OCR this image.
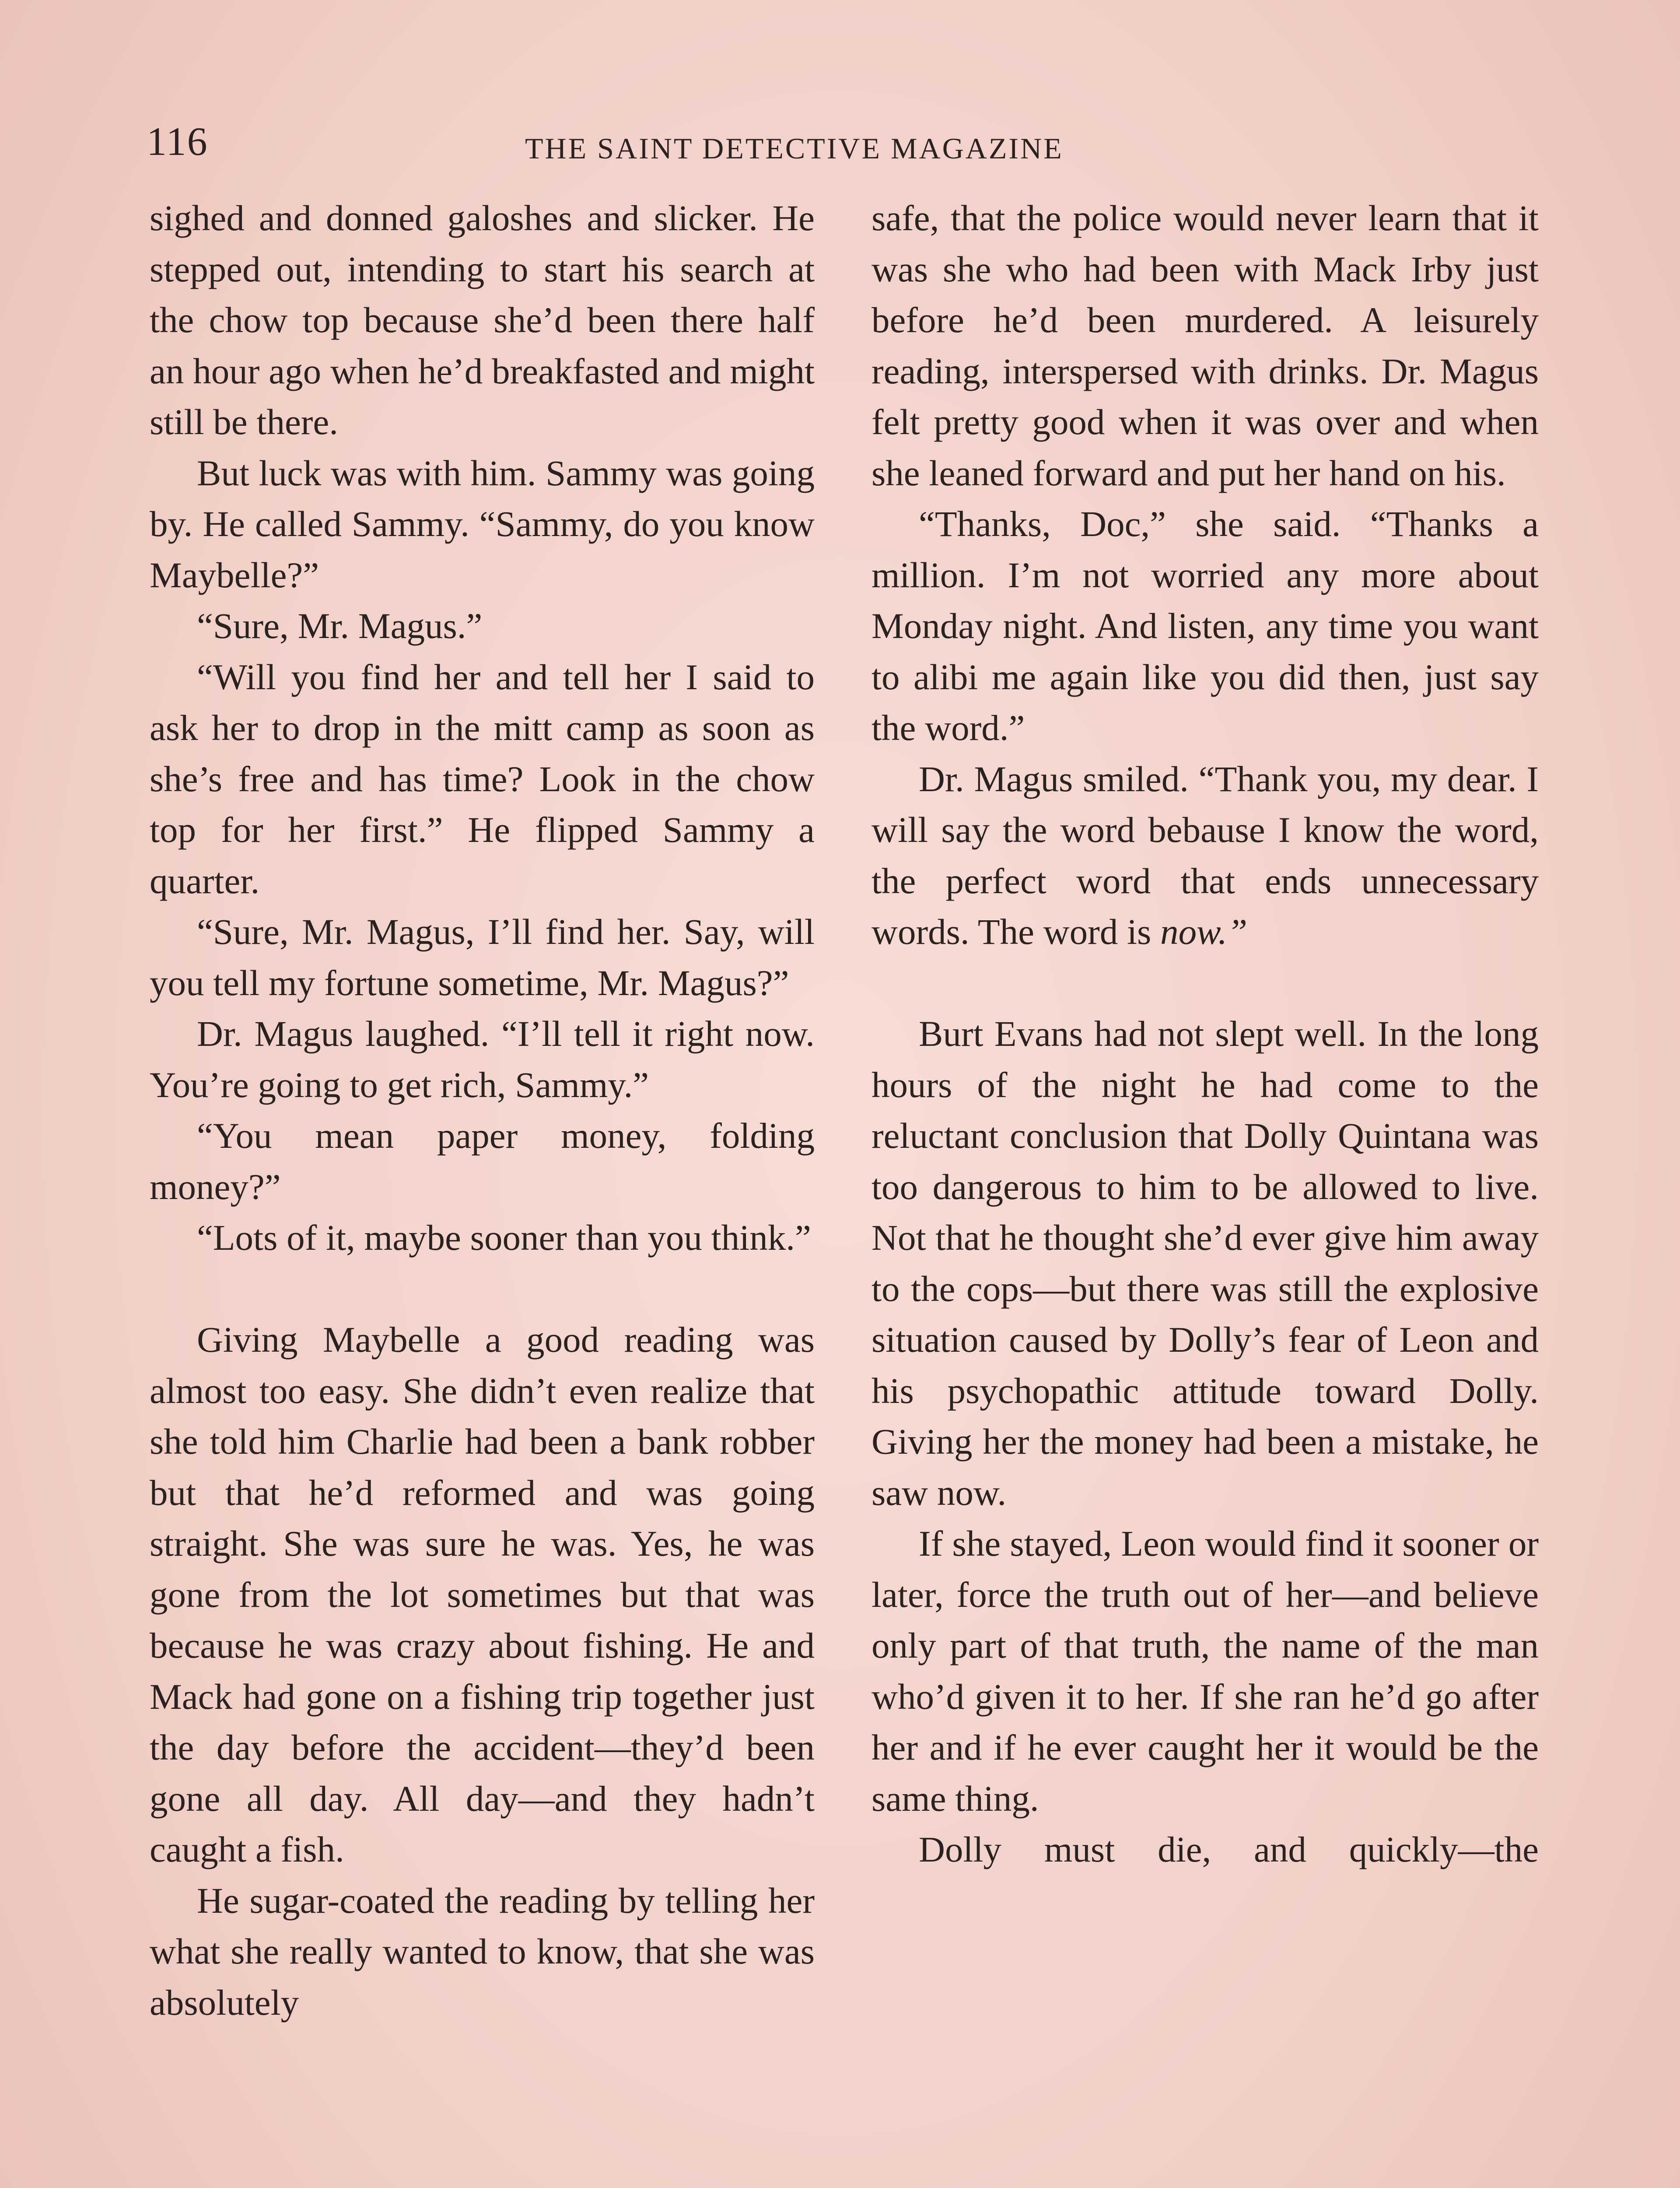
116	THE SAINT DETECTIVE MAGAZINE

sighed and donned galoshes and slicker. He stepped out, intending to start his search at the chow top because she’d been there half an hour ago when he’d breakfasted and might still be there.

But luck was with him. Sammy was going by. He called Sammy. “Sammy, do you know Maybelle?”

“Sure, Mr. Magus.”

“Will you find her and tell her I said to ask her to drop in the mitt camp as soon as she’s free and has time? Look in the chow top for her first.” He flipped Sammy a quarter.

“Sure, Mr. Magus, I’ll find her. Say, will you tell my fortune sometime, Mr. Magus?”

Dr. Magus laughed. “I’ll tell it right now. You’re going to get rich, Sammy.”

“You mean paper money, folding money?”

“Lots of it, maybe sooner than you think.”

Giving Maybelle a good reading was almost too easy. She didn’t even realize that she told him Charlie had been a bank robber but that he’d reformed and was going straight. She was sure he was. Yes, he was gone from the lot sometimes but that was because he was crazy about fishing. He and Mack had gone on a fishing trip together just the day before the accident—they’d been gone all day. All day—and they hadn’t caught a fish.

He sugar-coated the reading by telling her what she really wanted to know, that she was absolutely

safe, that the police would never learn that it was she who had been with Mack Irby just before he’d been murdered. A leisurely reading, interspersed with drinks. Dr. Magus felt pretty good when it was over and when she leaned forward and put her hand on his.

“Thanks, Doc,” she said. “Thanks a million. I’m not worried any more about Monday night. And listen, any time you want to alibi me again like you did then, just say the word.”

Dr. Magus smiled. “Thank you, my dear. I will say the word bebause I know the word, the perfect word that ends unnecessary words. The word is now.”

Burt Evans had not slept well. In the long hours of the night he had come to the reluctant conclusion that Dolly Quintana was too dangerous to him to be allowed to live. Not that he thought she’d ever give him away to the cops—but there was still the explosive situation caused by Dolly’s fear of Leon and his psychopathic attitude toward Dolly. Giving her the money had been a mistake, he saw now.

If she stayed, Leon would find it sooner or later, force the truth out of her—and believe only part of that truth, the name of the man who’d given it to her. If she ran he’d go after her and if he ever caught her it would be the same thing.

Dolly must die, and quickly—the
